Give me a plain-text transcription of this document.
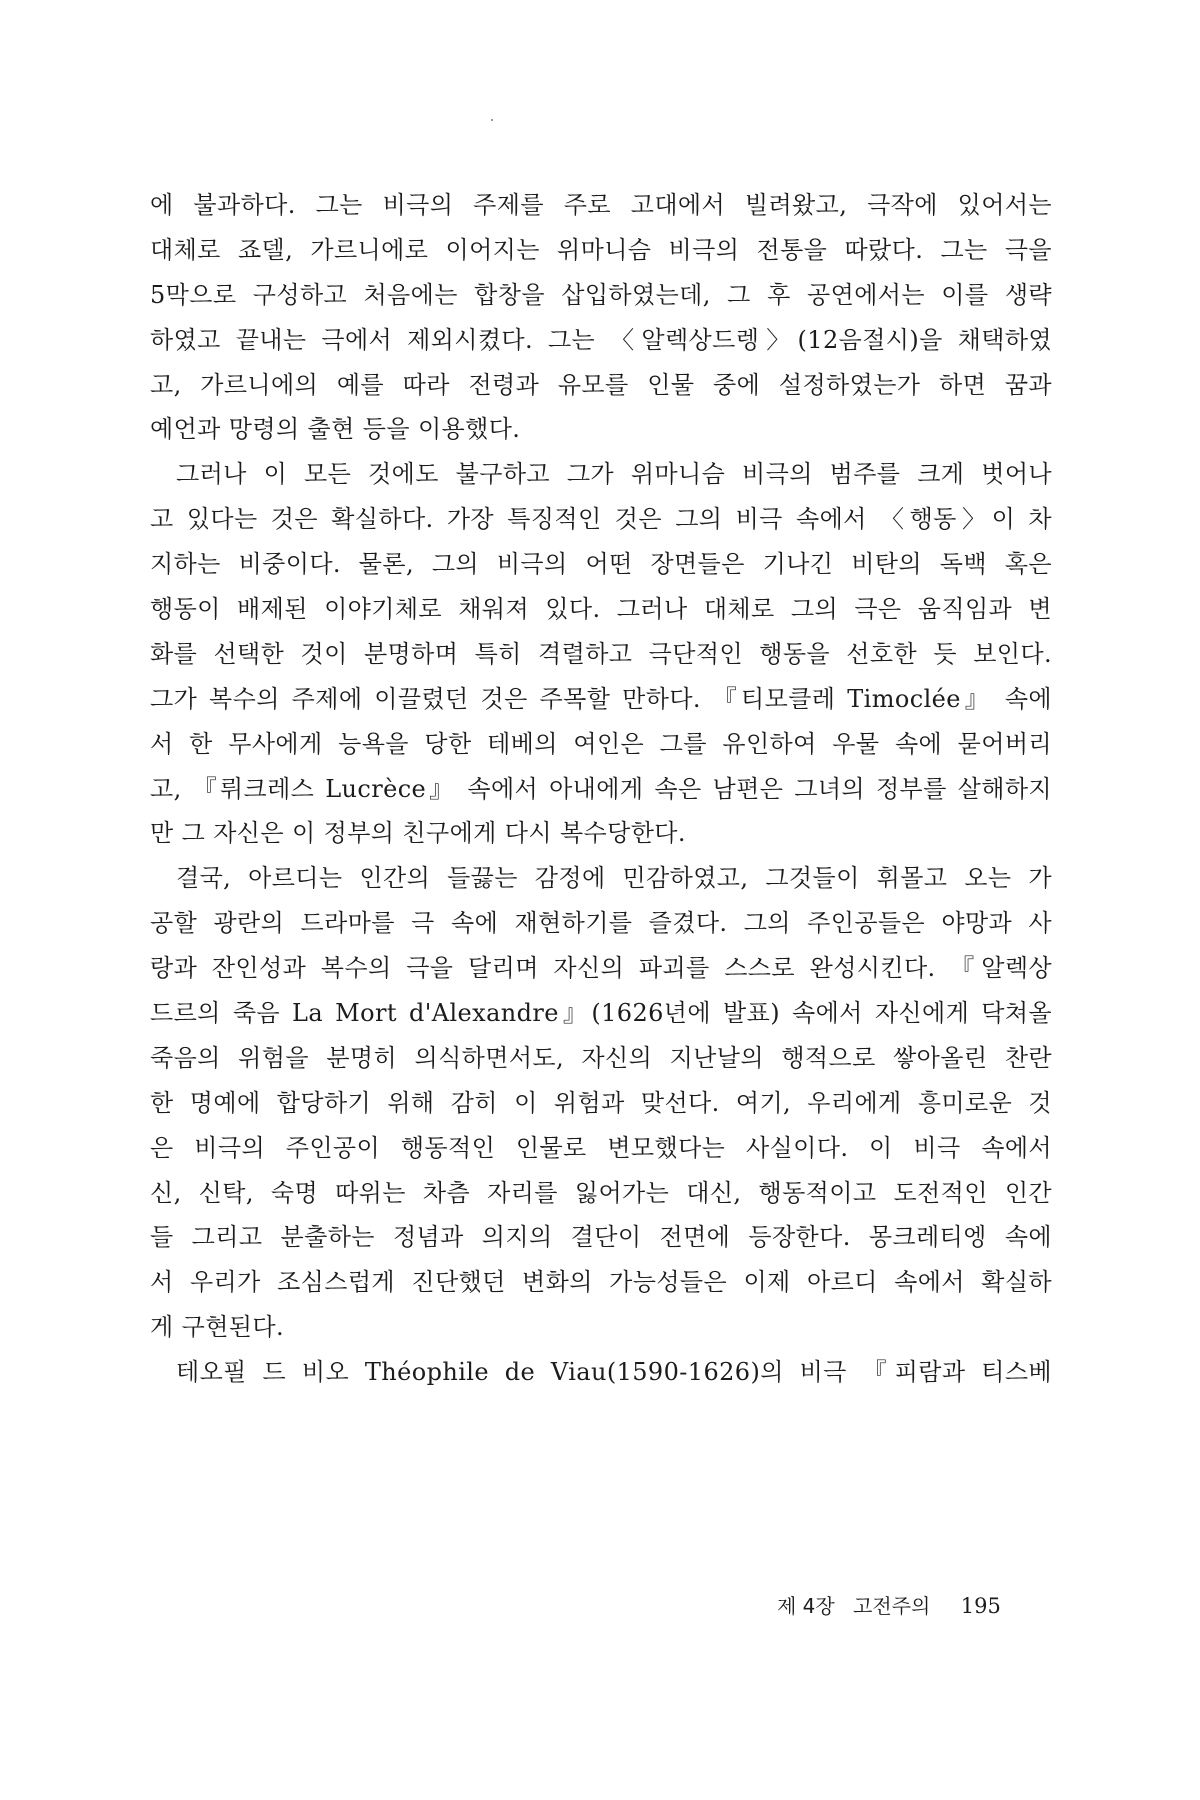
에 불과하다. 그는 비극의 주제를 주로 고대에서 빌려왔고, 극작에 있어서는
대체로 죠델, 가르니에로 이어지는 위마니슴 비극의 전통을 따랐다. 그는 극을
5막으로 구성하고 처음에는 합창을 삽입하였는데, 그 후 공연에서는 이를 생략
하였고 끝내는 극에서 제외시켰다. 그는 〈알렉상드렝〉(12음절시)을 채택하였
고, 가르니에의 예를 따라 전령과 유모를 인물 중에 설정하였는가 하면 꿈과
예언과 망령의 출현 등을 이용했다.

그러나 이 모든 것에도 불구하고 그가 위마니슴 비극의 범주를 크게 벗어나
고 있다는 것은 확실하다. 가장 특징적인 것은 그의 비극 속에서 〈행동〉이 차
지하는 비중이다. 물론, 그의 비극의 어떤 장면들은 기나긴 비탄의 독백 혹은
행동이 배제된 이야기체로 채워져 있다. 그러나 대체로 그의 극은 움직임과 변
화를 선택한 것이 분명하며 특히 격렬하고 극단적인 행동을 선호한 듯 보인다.
그가 복수의 주제에 이끌렸던 것은 주목할 만하다. 『티모클레 Timoclée』 속에
서 한 무사에게 능욕을 당한 테베의 여인은 그를 유인하여 우물 속에 묻어버리
고, 『뤼크레스 Lucrèce』 속에서 아내에게 속은 남편은 그녀의 정부를 살해하지
만 그 자신은 이 정부의 친구에게 다시 복수당한다.

결국, 아르디는 인간의 들끓는 감정에 민감하였고, 그것들이 휘몰고 오는 가
공할 광란의 드라마를 극 속에 재현하기를 즐겼다. 그의 주인공들은 야망과 사
랑과 잔인성과 복수의 극을 달리며 자신의 파괴를 스스로 완성시킨다. 『알렉상
드르의 죽음 La Mort d'Alexandre』(1626년에 발표) 속에서 자신에게 닥쳐올
죽음의 위험을 분명히 의식하면서도, 자신의 지난날의 행적으로 쌓아올린 찬란
한 명예에 합당하기 위해 감히 이 위험과 맞선다. 여기, 우리에게 흥미로운 것
은 비극의 주인공이 행동적인 인물로 변모했다는 사실이다. 이 비극 속에서
신, 신탁, 숙명 따위는 차츰 자리를 잃어가는 대신, 행동적이고 도전적인 인간
들 그리고 분출하는 정념과 의지의 결단이 전면에 등장한다. 몽크레티엥 속에
서 우리가 조심스럽게 진단했던 변화의 가능성들은 이제 아르디 속에서 확실하
게 구현된다.

테오필 드 비오 Théophile de Viau(1590-1626)의 비극 『피람과 티스베

제 4장 고전주의 195
